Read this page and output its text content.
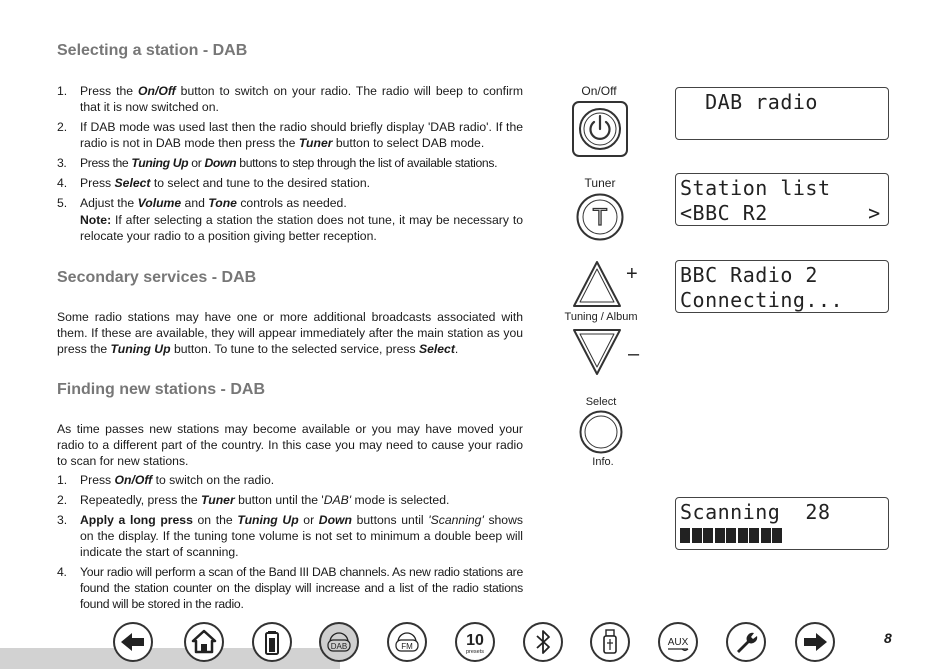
Selecting a station - DAB
1. Press the On/Off button to switch on your radio. The radio will beep to confirm that it is now switched on.
2. If DAB mode was used last then the radio should briefly display 'DAB radio'. If the radio is not in DAB mode then press the Tuner button to select DAB mode.
3. Press the Tuning Up or Down buttons to step through the list of available stations.
4. Press Select to select and tune to the desired station.
5. Adjust the Volume and Tone controls as needed.

Note: If after selecting a station the station does not tune, it may be necessary to relocate your radio to a position giving better reception.

Secondary services - DAB

Some radio stations may have one or more additional broadcasts associated with them. If these are available, they will appear immediately after the main station as you press the Tuning Up button. To tune to the selected service, press Select.

Finding new stations - DAB

As time passes new stations may become available or you may have moved your radio to a different part of the country. In this case you may need to cause your radio to scan for new stations.

1. Press On/Off to switch on the radio.
2. Repeatedly, press the Tuner button until the 'DAB' mode is selected.
3. Apply a long press on the Tuning Up or Down buttons until 'Scanning' shows on the display. If the tuning tone volume is not set to minimum a double beep will indicate the start of scanning.
4. Your radio will perform a scan of the Band III DAB channels. As new radio stations are found the station counter on the display will increase and a list of the radio stations found will be stored in the radio.
On/Off
Tuner
T
+
Tuning / Album
–
Select
Info.
DAB radio
Station list
<BBC R2        >
BBC Radio 2
Connecting...
Scanning  28
DAB	FM	10
presets
AUX	8
